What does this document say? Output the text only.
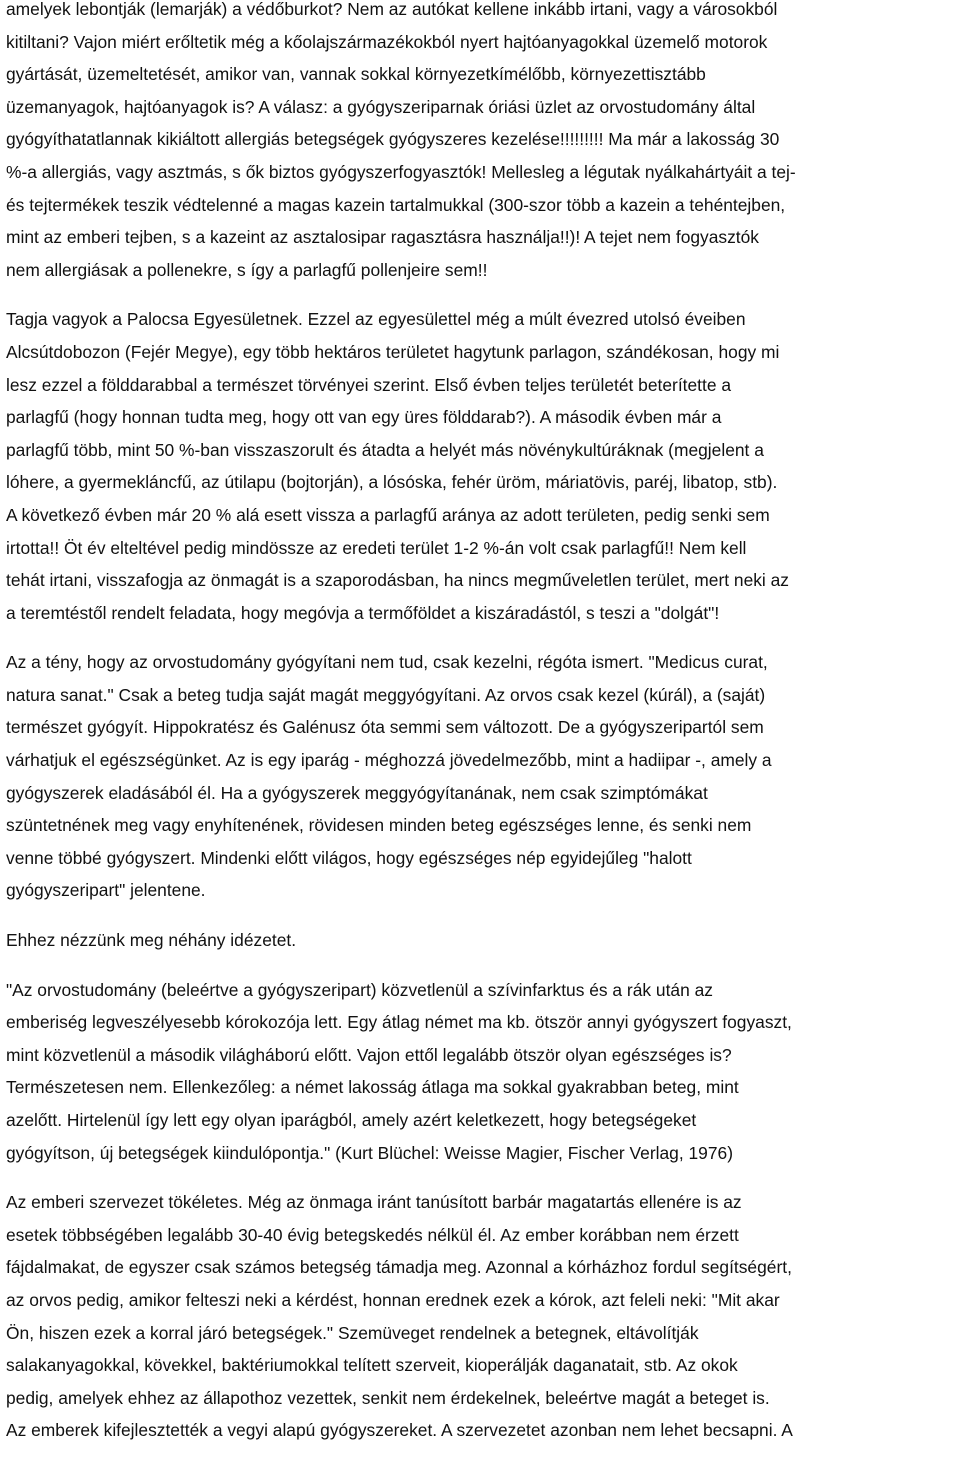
amelyek lebontják (lemarják) a védőburkot? Nem az autókat kellene inkább irtani, vagy a városokból
kitiltani? Vajon miért erőltetik még a kőolajszármazékokból nyert hajtóanyagokkal üzemelő motorok
gyártását, üzemeltetését, amikor van, vannak sokkal környezetkímélőbb, környezettisztább
üzemanyagok, hajtóanyagok is? A válasz: a gyógyszeriparnak óriási üzlet az orvostudomány által
gyógyíthatatlannak kikiáltott allergiás betegségek gyógyszeres kezelése!!!!!!!!! Ma már a lakosság 30
%-a allergiás, vagy asztmás, s ők biztos gyógyszerfogyasztók! Mellesleg a légutak nyálkahártyáit a tej-
és tejtermékek teszik védtelenné a magas kazein tartalmukkal (300-szor több a kazein a tehéntejben,
mint az emberi tejben, s a kazeint az asztalosipar ragasztásra használja!!)! A tejet nem fogyasztók
nem allergiásak a pollenekre, s így a parlagfű pollenjeire sem!!

Tagja vagyok a Palocsa Egyesületnek. Ezzel az egyesülettel még a múlt évezred utolsó éveiben
Alcsútdobozon (Fejér Megye), egy több hektáros területet hagytunk parlagon, szándékosan, hogy mi
lesz ezzel a földdarabbal a természet törvényei szerint. Első évben teljes területét beterítette a
parlagfű (hogy honnan tudta meg, hogy ott van egy üres földdarab?). A második évben már a
parlagfű több, mint 50 %-ban visszaszorult és átadta a helyét más növénykultúráknak (megjelent a
lóhere, a gyermekláncfű, az útilapu (bojtorján), a lósóska, fehér üröm, máriatövis, paréj, libatop, stb).
A következő évben már 20 % alá esett vissza a parlagfű aránya az adott területen, pedig senki sem
irtotta!! Öt év elteltével pedig mindössze az eredeti terület 1-2 %-án volt csak parlagfű!! Nem kell
tehát irtani, visszafogja az önmagát is a szaporodásban, ha nincs megműveletlen terület, mert neki az
a teremtéstől rendelt feladata, hogy megóvja a termőföldet a kiszáradástól, s teszi a "dolgát"!

Az a tény, hogy az orvostudomány gyógyítani nem tud, csak kezelni, régóta ismert. "Medicus curat,
natura sanat." Csak a beteg tudja saját magát meggyógyítani. Az orvos csak kezel (kúrál), a (saját)
természet gyógyít. Hippokratész és Galénusz óta semmi sem változott. De a gyógyszeripartól sem
várhatjuk el egészségünket. Az is egy iparág - méghozzá jövedelmezőbb, mint a hadiipar -, amely a
gyógyszerek eladásából él. Ha a gyógyszerek meggyógyítanának, nem csak szimptómákat
szüntetnének meg vagy enyhítenének, rövidesen minden beteg egészséges lenne, és senki nem
venne többé gyógyszert. Mindenki előtt világos, hogy egészséges nép egyidejűleg "halott
gyógyszeripart" jelentene.

Ehhez nézzünk meg néhány idézetet.

"Az orvostudomány (beleértve a gyógyszeripart) közvetlenül a szívinfarktus és a rák után az
emberiség legveszélyesebb kórokozója lett. Egy átlag német ma kb. ötször annyi gyógyszert fogyaszt,
mint közvetlenül a második világháború előtt. Vajon ettől legalább ötször olyan egészséges is?
Természetesen nem. Ellenkezőleg: a német lakosság átlaga ma sokkal gyakrabban beteg, mint
azelőtt. Hirtelenül így lett egy olyan iparágból, amely azért keletkezett, hogy betegségeket
gyógyítson, új betegségek kiindulópontja." (Kurt Blüchel: Weisse Magier, Fischer Verlag, 1976)

Az emberi szervezet tökéletes. Még az önmaga iránt tanúsított barbár magatartás ellenére is az
esetek többségében legalább 30-40 évig betegskedés nélkül él. Az ember korábban nem érzett
fájdalmakat, de egyszer csak számos betegség támadja meg. Azonnal a kórházhoz fordul segítségért,
az orvos pedig, amikor felteszi neki a kérdést, honnan erednek ezek a kórok, azt feleli neki: "Mit akar
Ön, hiszen ezek a korral járó betegségek." Szemüveget rendelnek a betegnek, eltávolítják
salakanyagokkal, kövekkel, baktériumokkal telített szerveit, kioperálják daganatait, stb. Az okok
pedig, amelyek ehhez az állapothoz vezettek, senkit nem érdekelnek, beleértve magát a beteget is.
Az emberek kifejlesztették a vegyi alapú gyógyszereket. A szervezetet azonban nem lehet becsapni. A
